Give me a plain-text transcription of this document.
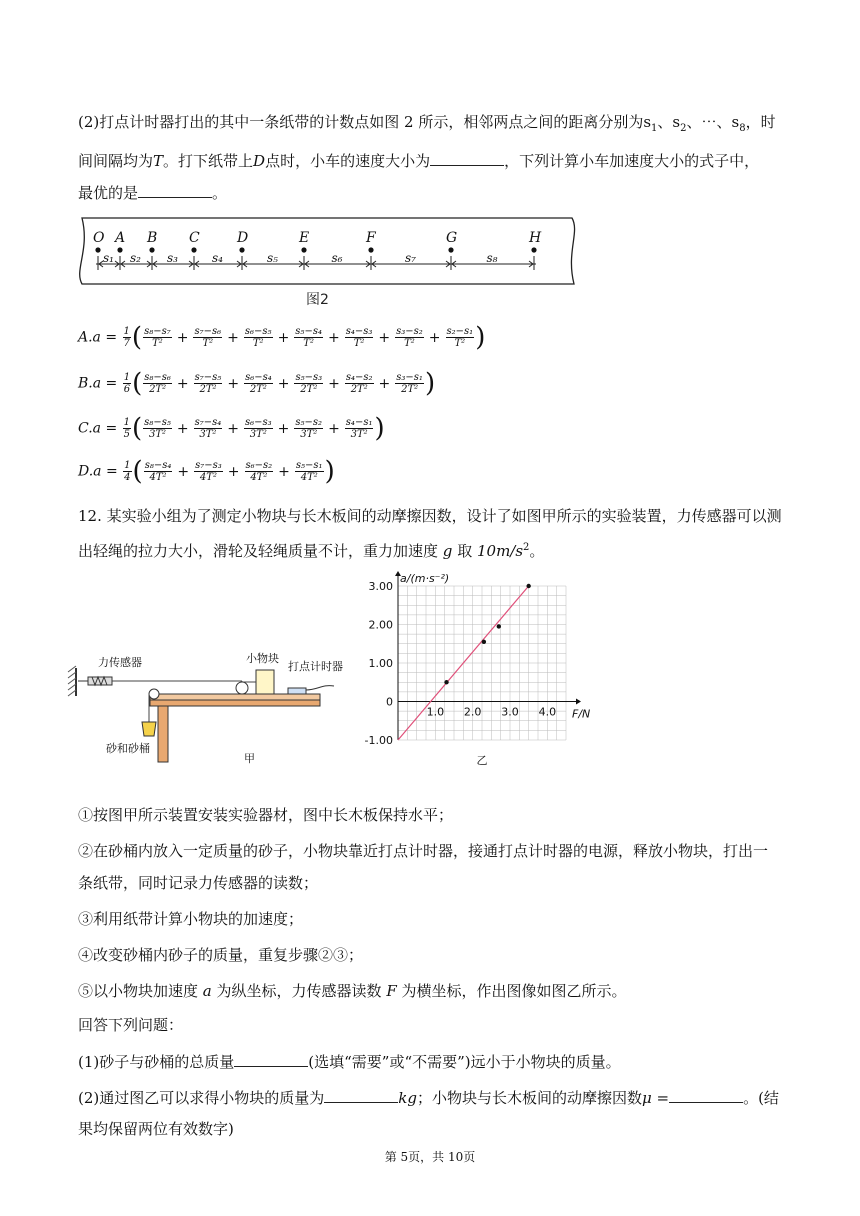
(2)打点计时器打出的其中一条纸带的计数点如图 2 所示，相邻两点之间的距离分别为$s_1$、$s_2$、⋯、$s_8$，时
间间隔均为T。打下纸带上D点时，小车的速度大小为	，下列计算小车加速度大小的式子中，
最优的是	。
O A B C	D	E	F	G	H
s₁ s₂ s₃	s₄	s₅	s₆	s₇	s₈
图2
$A.a = \frac{1}{7}$ ( $\frac{\text{s₈−s₇}}{\text{T²}} + \frac{\text{s₇−s₆}}{\text{T²}} + \frac{\text{s₆−s₅}}{\text{T²}} + \frac{\text{s₅−s₄}}{\text{T²}} + \frac{\text{s₄−s₃}}{\text{T²}} + \frac{\text{s₃−s₂}}{\text{T²}} + \frac{\text{s₂−s₁}}{\text{T²}}$ )
$B.a = \frac{1}{6}$ ( $\frac{\text{s₈−s₆}}{\text{2T²}} + \frac{\text{s₇−s₅}}{\text{2T²}} + \frac{\text{s₆−s₄}}{\text{2T²}} + \frac{\text{s₅−s₃}}{\text{2T²}} + \frac{\text{s₄−s₂}}{\text{2T²}} + \frac{\text{s₃−s₁}}{\text{2T²}}$ )
$C.a = \frac{1}{5}$ ( $\frac{\text{s₈−s₅}}{\text{3T²}} + \frac{\text{s₇−s₄}}{\text{3T²}} + \frac{\text{s₆−s₃}}{\text{3T²}} + \frac{\text{s₅−s₂}}{\text{3T²}} + \frac{\text{s₄−s₁}}{\text{3T²}}$ )
$D.a = \frac{1}{4}$ ( $\frac{\text{s₈−s₄}}{\text{4T²}} + \frac{\text{s₇−s₃}}{\text{4T²}} + \frac{\text{s₆−s₂}}{\text{4T²}} + \frac{\text{s₅−s₁}}{\text{4T²}}$ )
12. 某实验小组为了测定小物块与长木板间的动摩擦因数，设计了如图甲所示的实验装置，力传感器可以测
出轻绳的拉力大小，滑轮及轻绳质量不计，重力加速度 g 取 $10m/s^2$。
力传感器	小物块
打点计时器
砂和砂桶
甲
3.00
2.00
1.00
0
-1.00
1.0 2.0 3.0 4.0
a/(m·s⁻²)
F/N
乙
①按图甲所示装置安装实验器材，图中长木板保持水平；
②在砂桶内放入一定质量的砂子，小物块靠近打点计时器，接通打点计时器的电源，释放小物块，打出一
条纸带，同时记录力传感器的读数；
③利用纸带计算小物块的加速度；
④改变砂桶内砂子的质量，重复步骤②③；
⑤以小物块加速度 a 为纵坐标，力传感器读数 F 为横坐标，作出图像如图乙所示。
回答下列问题：
(1)砂子与砂桶的总质量	(选填“需要”或“不需要”)远小于小物块的质量。
(2)通过图乙可以求得小物块的质量为	kg；小物块与长木板间的动摩擦因数μ =	。(结
果均保留两位有效数字)
第 5页，共 10页
